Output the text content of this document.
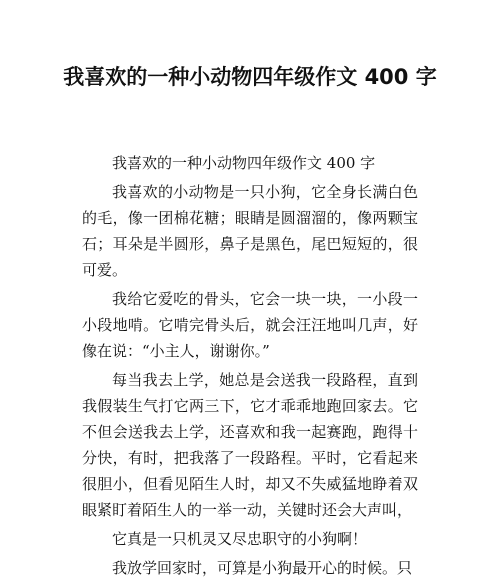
我喜欢的一种小动物四年级作文 400 字

我喜欢的一种小动物四年级作文 400 字

我喜欢的小动物是一只小狗，它全身长满白色的毛，像一团棉花糖；眼睛是圆溜溜的，像两颗宝石；耳朵是半圆形，鼻子是黑色，尾巴短短的，很可爱。

我给它爱吃的骨头，它会一块一块，一小段一小段地啃。它啃完骨头后，就会汪汪地叫几声，好像在说：“小主人，谢谢你。”

每当我去上学，她总是会送我一段路程，直到我假装生气打它两三下，它才乖乖地跑回家去。它不但会送我去上学，还喜欢和我一起赛跑，跑得十分快，有时，把我落了一段路程。平时，它看起来很胆小，但看见陌生人时，却又不失威猛地睁着双眼紧盯着陌生人的一举一动，关键时还会大声叫，

它真是一只机灵又尽忠职守的小狗啊！

我放学回家时，可算是小狗最开心的时候。只
